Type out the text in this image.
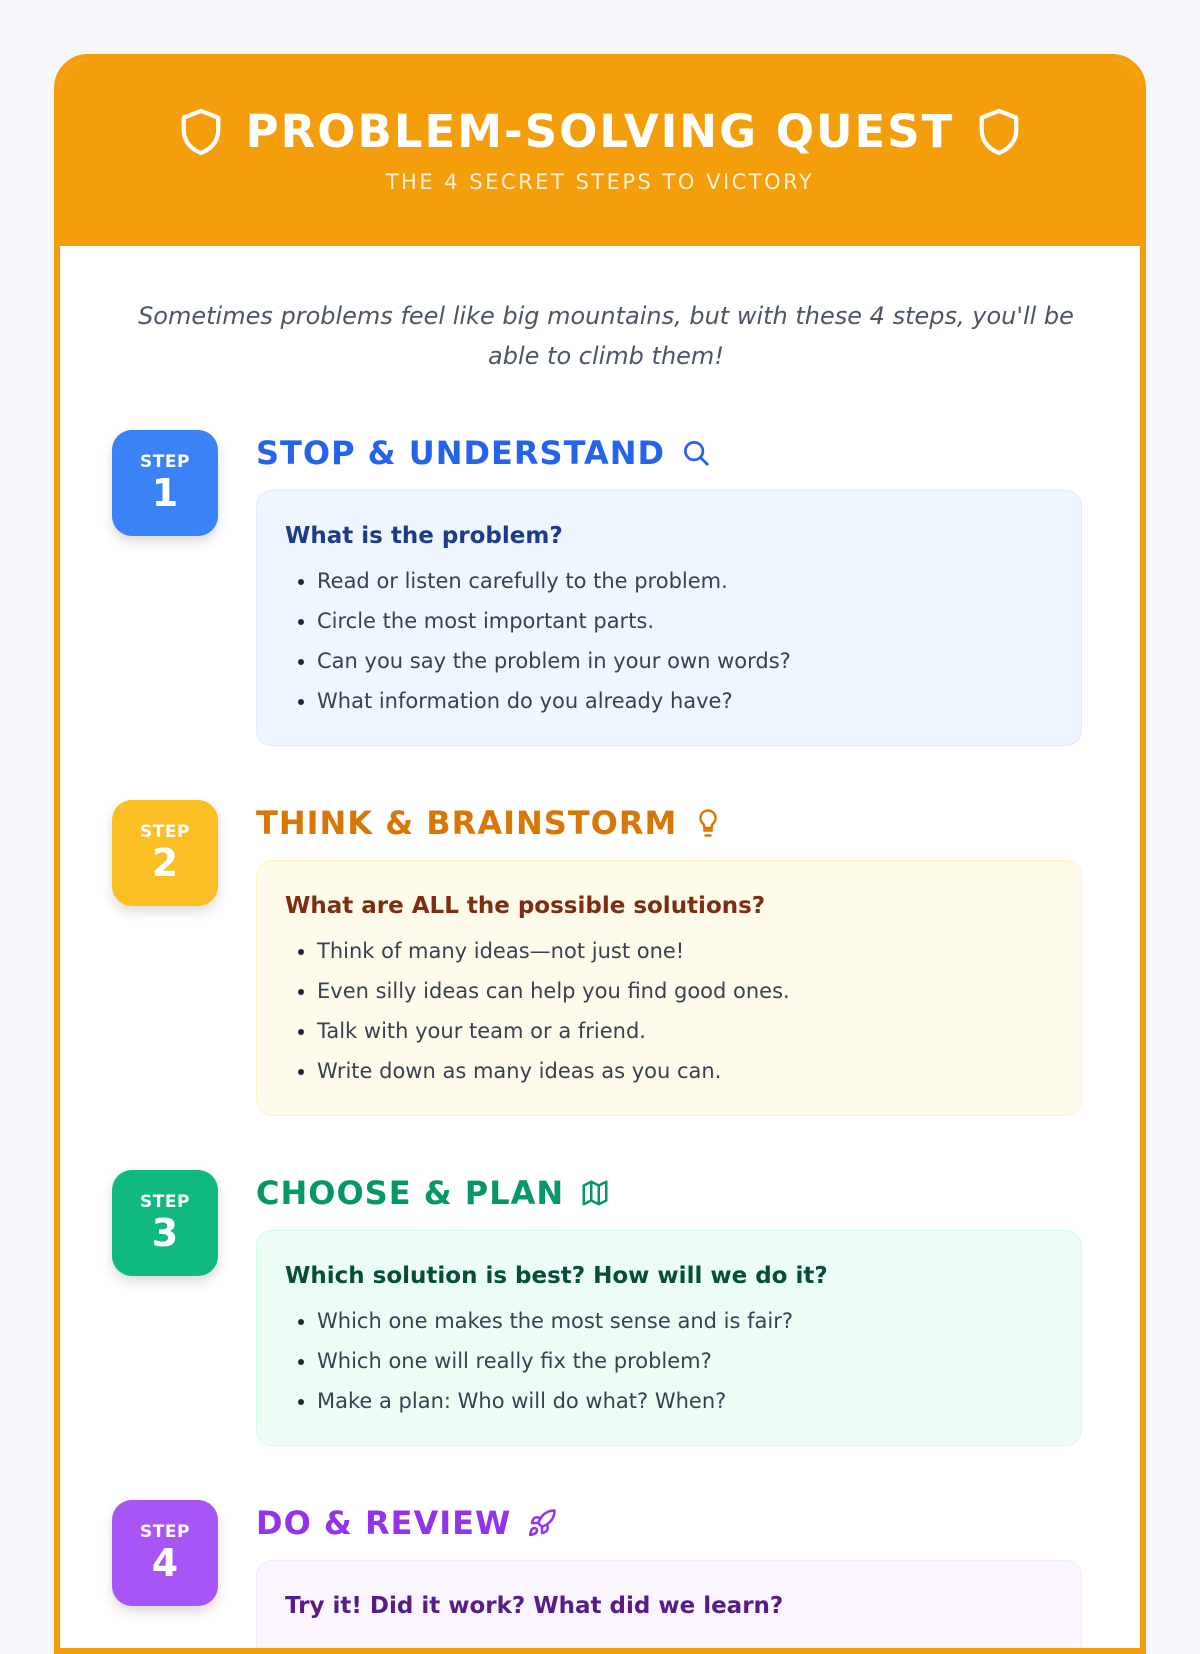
PROBLEM-SOLVING QUEST
THE 4 SECRET STEPS TO VICTORY
Sometimes problems feel like big mountains, but with these 4 steps, you'll be able to climb them!
STEP
1
STOP & UNDERSTAND
What is the problem?
• Read or listen carefully to the problem.
• Circle the most important parts.
• Can you say the problem in your own words?
• What information do you already have?
STEP
2
THINK & BRAINSTORM
What are ALL the possible solutions?
• Think of many ideas—not just one!
• Even silly ideas can help you find good ones.
• Talk with your team or a friend.
• Write down as many ideas as you can.
STEP
3
CHOOSE & PLAN
Which solution is best? How will we do it?
• Which one makes the most sense and is fair?
• Which one will really fix the problem?
• Make a plan: Who will do what? When?
STEP
4
DO & REVIEW
Try it! Did it work? What did we learn?
